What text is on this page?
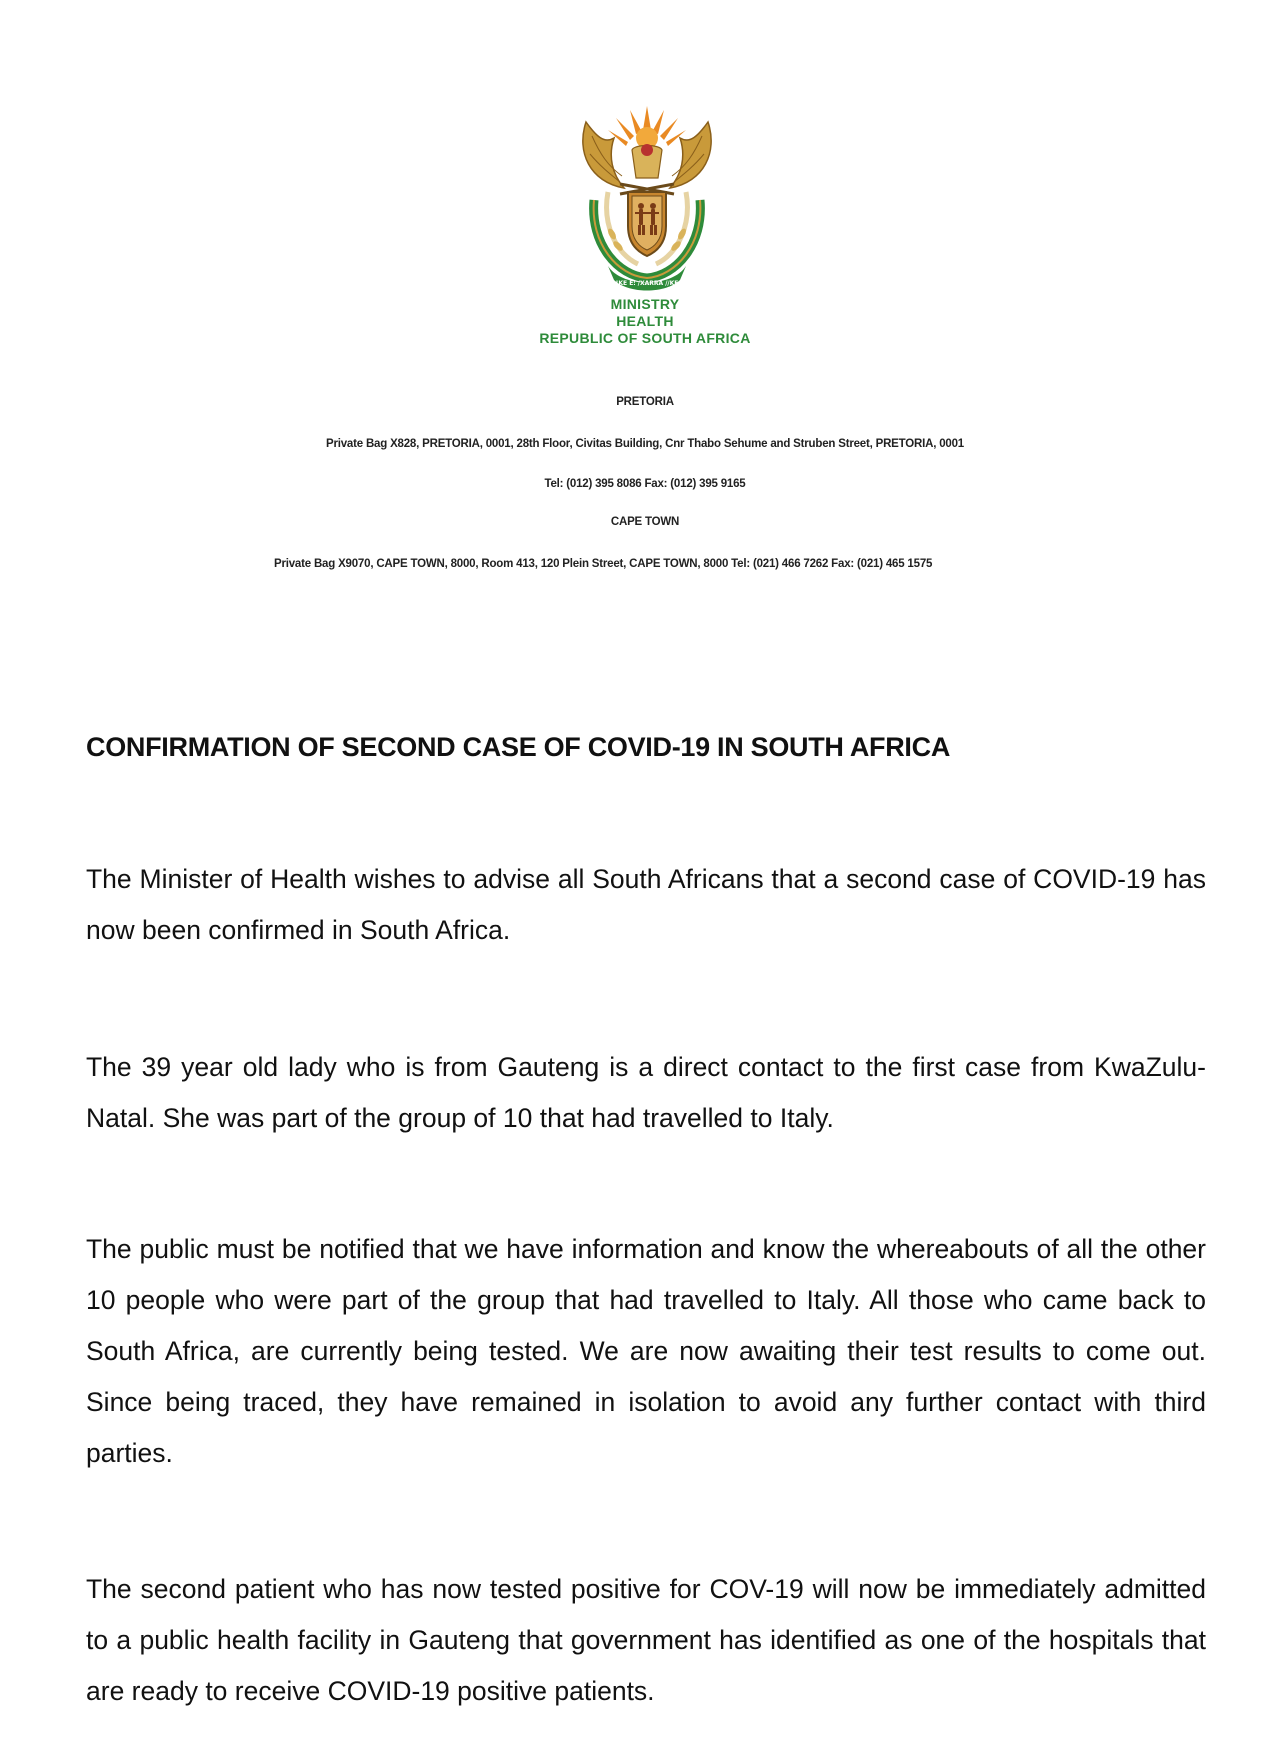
!KE E: /XARRA //KE
MINISTRY
HEALTH
REPUBLIC OF SOUTH AFRICA
PRETORIA
Private Bag X828, PRETORIA, 0001, 28th Floor, Civitas Building, Cnr Thabo Sehume and Struben Street, PRETORIA, 0001
Tel: (012) 395 8086 Fax: (012) 395 9165
CAPE TOWN
Private Bag X9070, CAPE TOWN, 8000, Room 413, 120 Plein Street, CAPE TOWN, 8000 Tel: (021) 466 7262 Fax: (021) 465 1575
CONFIRMATION OF SECOND CASE OF COVID-19 IN SOUTH AFRICA

The Minister of Health wishes to advise all South Africans that a second case of COVID-19 has now been confirmed in South Africa.

The 39 year old lady who is from Gauteng is a direct contact to the first case from KwaZulu-Natal. She was part of the group of 10 that had travelled to Italy.

The public must be notified that we have information and know the whereabouts of all the other 10 people who were part of the group that had travelled to Italy. All those who came back to South Africa, are currently being tested. We are now awaiting their test results to come out. Since being traced, they have remained in isolation to avoid any further contact with third parties.

The second patient who has now tested positive for COV-19 will now be immediately admitted to a public health facility in Gauteng that government has identified as one of the hospitals that are ready to receive COVID-19 positive patients.
